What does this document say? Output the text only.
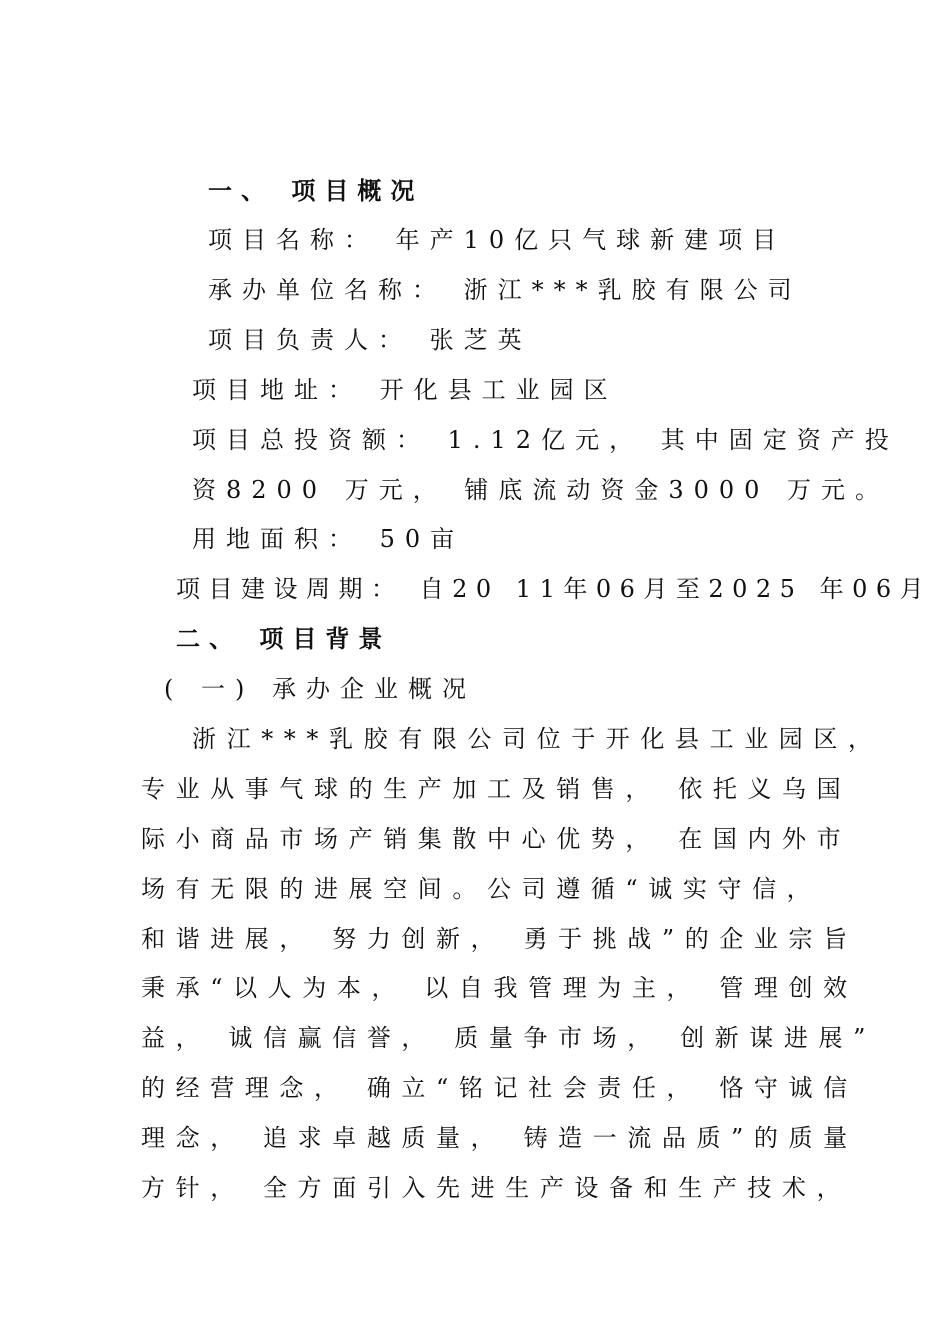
一、 项目概况
项目名称： 年产10亿只气球新建项目
承办单位名称： 浙江***乳胶有限公司
项目负责人： 张芝英
项目地址： 开化县工业园区
项目总投资额： 1.12亿元， 其中固定资产投
资8200 万元， 铺底流动资金3000 万元。
用地面积： 50亩
项目建设周期： 自20 11年06月至2025 年06月
二、 项目背景
( 一) 承办企业概况
浙江***乳胶有限公司位于开化县工业园区，
专业从事气球的生产加工及销售， 依托义乌国
际小商品市场产销集散中心优势， 在国内外市
场有无限的进展空间。公司遵循“诚实守信，
和谐进展， 努力创新， 勇于挑战”的企业宗旨
秉承“以人为本， 以自我管理为主， 管理创效
益， 诚信赢信誉， 质量争市场， 创新谋进展”
的经营理念， 确立“铭记社会责任， 恪守诚信
理念， 追求卓越质量， 铸造一流品质”的质量
方针， 全方面引入先进生产设备和生产技术，
